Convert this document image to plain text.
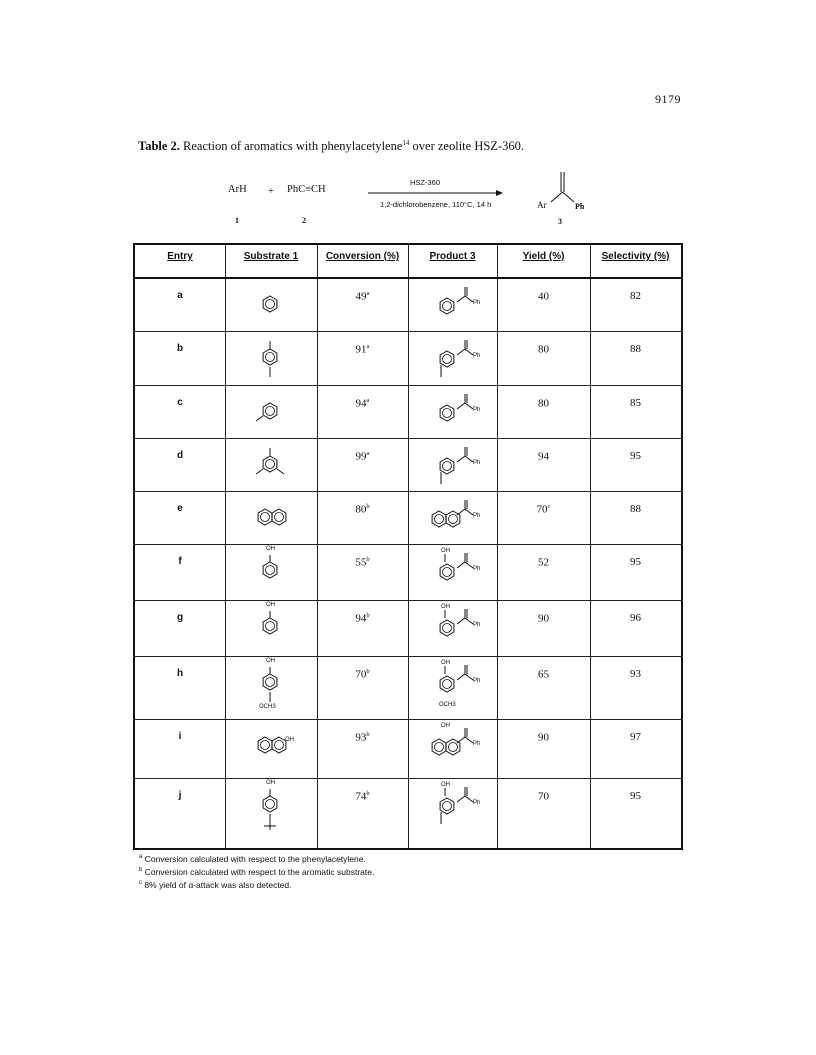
9179
Table 2. Reaction of aromatics with phenylacetylene$^{14}$ over zeolite HSZ-360.
ArH + PhC≡CH
1	2
HSZ-360
1,2-dichlorobenzene, 110°C, 14 h	Ar	Ph
3
Entry	Substrate 1	Conversion (%)	Product 3	Yield (%)	Selectivity (%)
a	49$^a$	40	82
Ph
b	91$^a$	80	88
Ph
c	94$^a$	80	85
Ph
d	99$^a$	94	95
Ph
e	80$^b$	70$^c$	88
Ph
f	55$^b$	52	95
OH
Ph
OH
g	94$^b$	90	96
OH
Ph
OH
h	70$^b$	65	93
OH
OCH3
Ph
OH
OCH3
i	93$^b$	90	97
OH
Ph
OH
j	74$^b$	70	95
OH
Ph
OH
$^a$ Conversion calculated with respect to the phenylacetylene.
$^b$ Conversion calculated with respect to the aromatic substrate.
$^c$ 8% yield of α-attack was also detected.
